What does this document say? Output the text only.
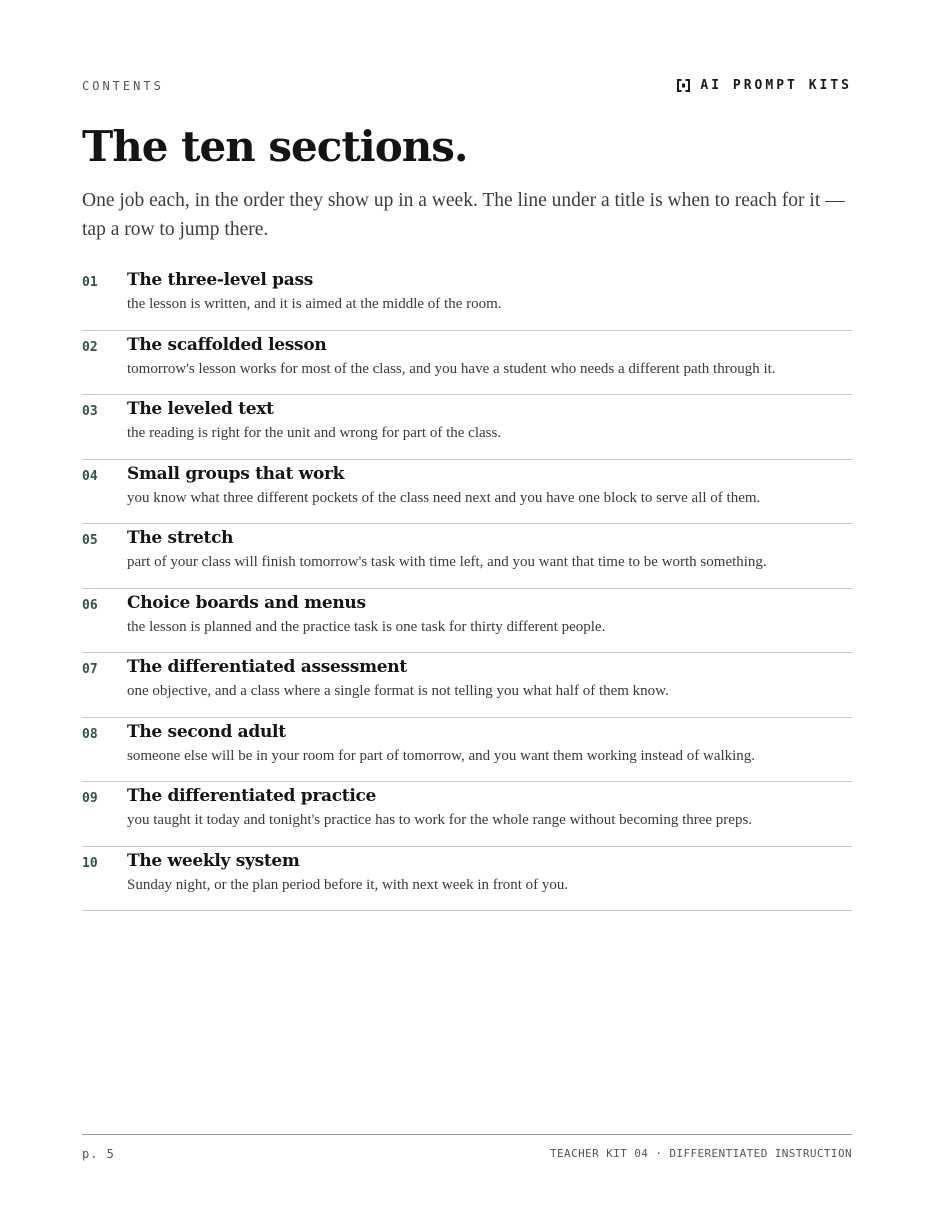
CONTENTS	AI PROMPT KITS
The ten sections.

One job each, in the order they show up in a week. The line under a title is when to reach for it — tap a row to jump there.

01 The three-level pass
the lesson is written, and it is aimed at the middle of the room.
02 The scaffolded lesson
tomorrow's lesson works for most of the class, and you have a student who needs a different path through it.
03 The leveled text
the reading is right for the unit and wrong for part of the class.
04 Small groups that work
you know what three different pockets of the class need next and you have one block to serve all of them.
05 The stretch
part of your class will finish tomorrow's task with time left, and you want that time to be worth something.
06 Choice boards and menus
the lesson is planned and the practice task is one task for thirty different people.
07 The differentiated assessment
one objective, and a class where a single format is not telling you what half of them know.
08 The second adult
someone else will be in your room for part of tomorrow, and you want them working instead of walking.
09 The differentiated practice
you taught it today and tonight's practice has to work for the whole range without becoming three preps.
10 The weekly system
Sunday night, or the plan period before it, with next week in front of you.
p. 5	TEACHER KIT 04 · DIFFERENTIATED INSTRUCTION
